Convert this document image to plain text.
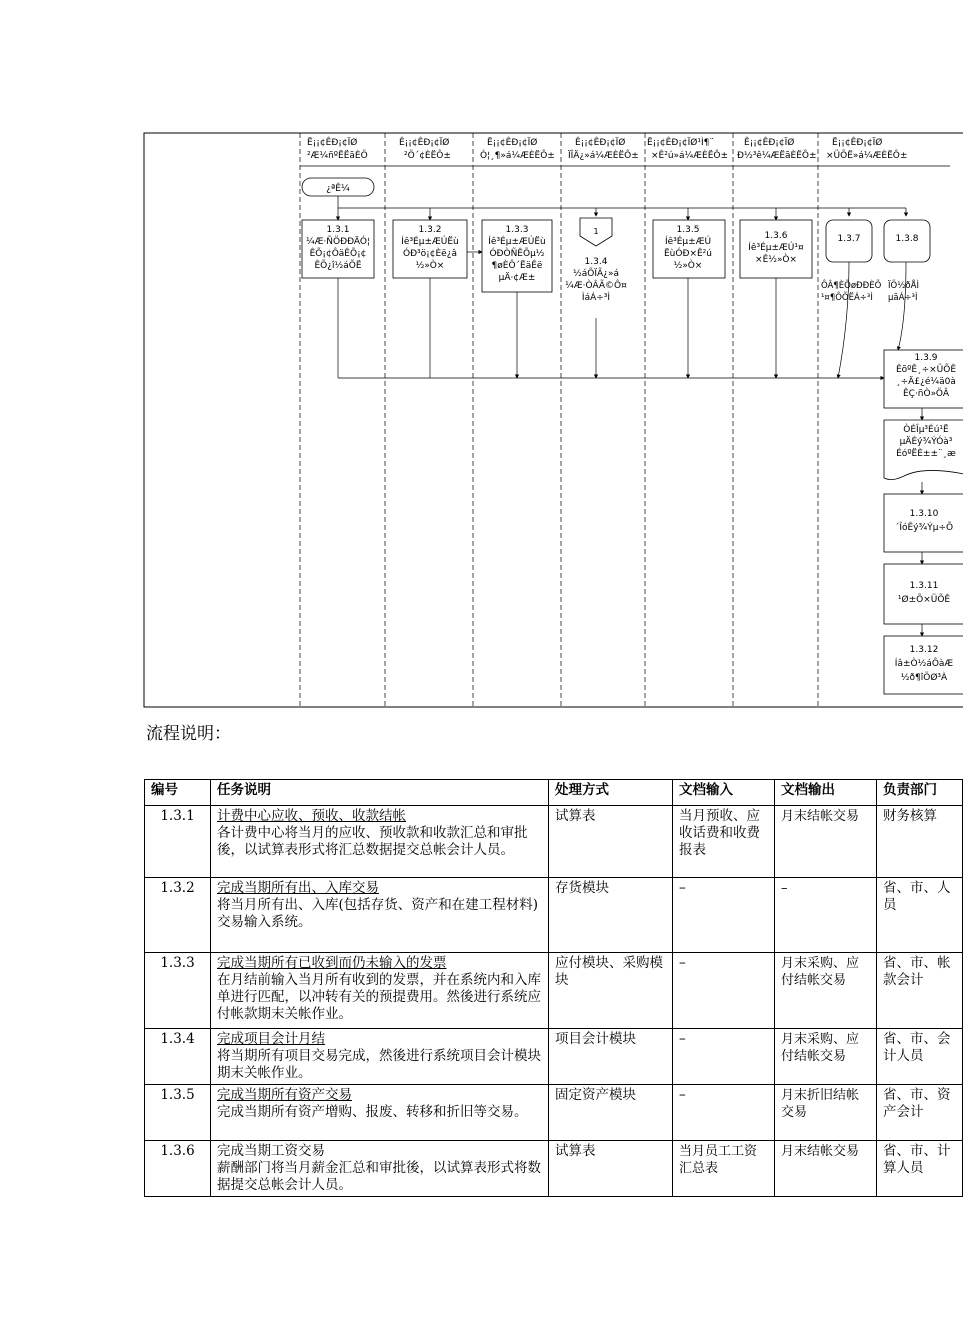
Ë¡¡¢ÊÐ¡¢ÏØ
²Æ¼ñºËËãÈÖ
Ê¡¡¢ÊÐ¡¢ÏØ
²Ö´¢ÈËÔ±
Ë¡¡¢ÊÐ¡¢ÏØ
Ó¦¸¶»á¼ÆÈËÔ±
Ê¡¡¢ÊÐ¡¢ÏØ
ÏÎÄ¿»á¼ÆÈËÔ±
Ë¡¡¢ÊÐ¡¢ÏØ¹Ì¶¨
×Ê²ú»á¼ÆÈËÔ±
Ê¡¡¢ÊÐ¡¢ÏØ
Ð½³ê¼ÆËãÈËÔ±
Ë¡¡¢ÊÐ¡¢ÏØ
×ÜÕË»á¼ÆÈËÔ±
¿ªÊ¼
1
1.3.1
¼Æ·ÑÖÐÐÄÓ¦
ÊÕ¡¢ÔäÊÕ¡¢
ÊÕ¿î½áÕË
1.3.2
Íê³Éµ±ÆÚËù
ÓÐ³ö¡¢Èë¿â
½»Ò×
1.3.3
Íê³Éµ±ÆÚËù
ÓÐÒÑÊÕµ½
¶øÈÔ´ËäÊë
µÄ·¢Æ±
1.3.4
½áÕÏÃ¿»á
¼Æ·ÒÂÃ©Ô¤
ÌáÁ÷³Ì
1.3.5
Íê³Éµ±ÆÚ
ËùÓÐ×Ê²ú
½»Ò×
1.3.6
Íê³Éµ±ÆÚ¹¤
×Ê½»Ò×
1.3.7	1.3.8
1.3.9
ÊõºÊ¸÷×ÜÕÊ
¸÷Ä£¿é¼ä0à
ÊÇ·ñÒ»ÖÂ
ÒÉÎµ³Éú¹Ë
µÄÉý¾ÝÓà³
ÉóºËÈ±±¨¸æ
1.3.10
´ÎóÊý¾Ýµ÷Õ
1.3.11
¹Ø±Õ×ÜÕÊ
1.3.12
Íâ±Ò½áÔàÆ
½ð¶îÖØ³À
ÔÂ¶ÈÕøÐÐÈÕ
¹¤¶ÔÕËÁ÷³Ì
ÏÖ½ðÅÌ
µãÁ÷³Ì
流程说明：
编号	任务说明	处理方式	文档输入	文档输出	负责部门
1.3.1	计费中心应收、预收、收款结帐
各计费中心将当月的应收、预收款和收款汇总和审批後，以试算表形式将汇总数据提交总帐会计人员。	试算表	当月预收、应收话费和收费报表	月末结帐交易	财务核算
1.3.2	完成当期所有出、入库交易
将当月所有出、入库(包括存货、资产和在建工程材料)交易输入系统。	存货模块	–	–	省、市、人员
1.3.3	完成当期所有已收到而仍未输入的发票
在月结前输入当月所有收到的发票，并在系统内和入库单进行匹配，以冲转有关的预提费用。然後进行系统应付帐款期末关帐作业。	应付模块、采购模块	–	月末采购、应付结帐交易	省、市、帐款会计
1.3.4	完成项目会计月结
将当期所有项目交易完成，然後进行系统项目会计模块期末关帐作业。	项目会计模块	–	月末采购、应付结帐交易	省、市、会计人员
1.3.5	完成当期所有资产交易
完成当期所有资产增购、报废、转移和折旧等交易。	固定资产模块	–	月末折旧结帐交易	省、市、资产会计
1.3.6	完成当期工资交易
薪酬部门将当月薪金汇总和审批後，以试算表形式将数据提交总帐会计人员。	试算表	当月员工工资汇总表	月末结帐交易	省、市、计算人员
